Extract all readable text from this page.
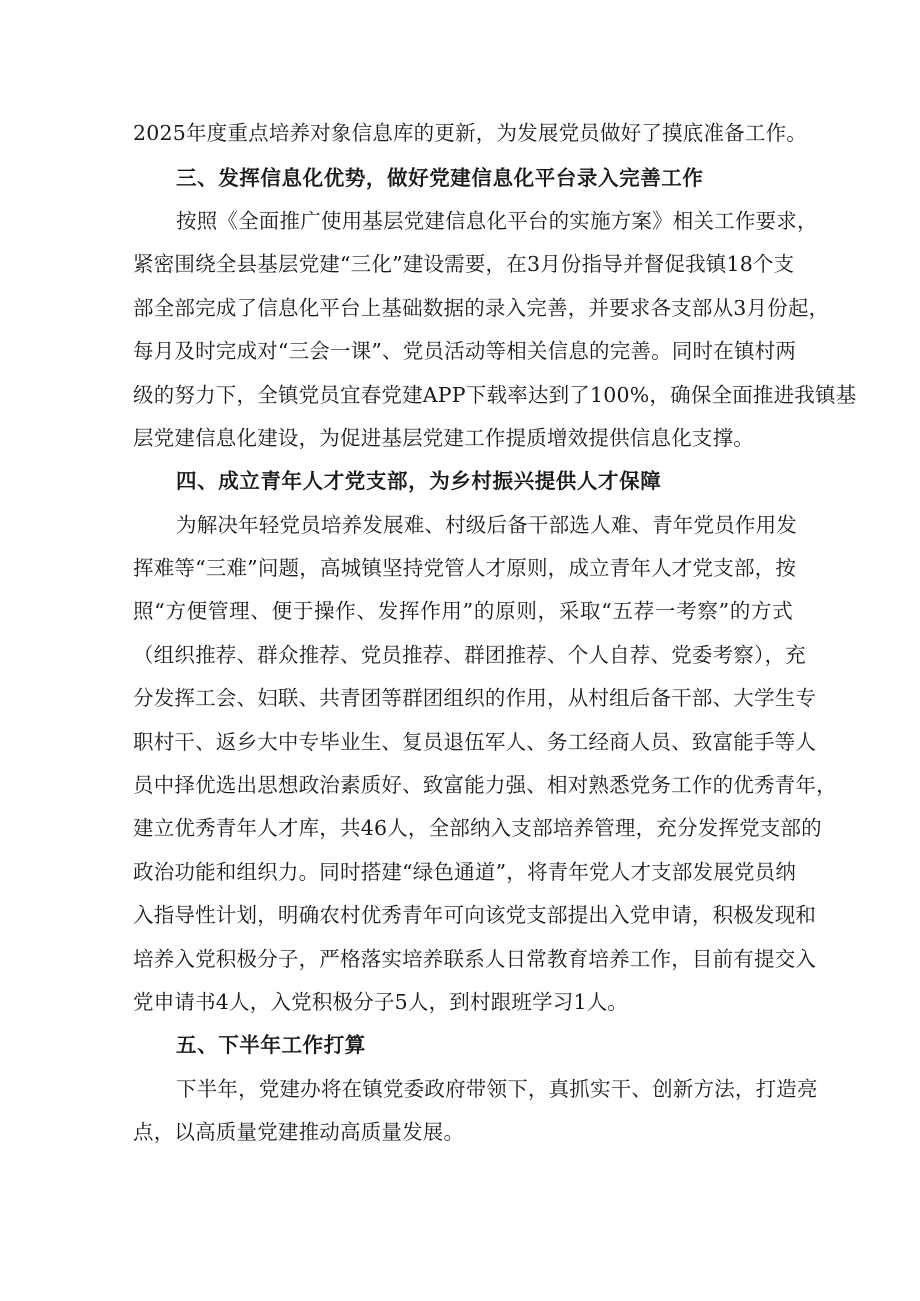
2025年度重点培养对象信息库的更新，为发展党员做好了摸底准备工作。
三、发挥信息化优势，做好党建信息化平台录入完善工作
按照《全面推广使用基层党建信息化平台的实施方案》相关工作要求，
紧密围绕全县基层党建“三化”建设需要，在3月份指导并督促我镇18个支
部全部完成了信息化平台上基础数据的录入完善，并要求各支部从3月份起，
每月及时完成对“三会一课”、党员活动等相关信息的完善。同时在镇村两
级的努力下，全镇党员宜春党建APP下载率达到了100%，确保全面推进我镇基
层党建信息化建设，为促进基层党建工作提质增效提供信息化支撑。
四、成立青年人才党支部，为乡村振兴提供人才保障
为解决年轻党员培养发展难、村级后备干部选人难、青年党员作用发
挥难等“三难”问题，高城镇坚持党管人才原则，成立青年人才党支部，按
照“方便管理、便于操作、发挥作用”的原则，采取“五荐一考察”的方式
（组织推荐、群众推荐、党员推荐、群团推荐、个人自荐、党委考察），充
分发挥工会、妇联、共青团等群团组织的作用，从村组后备干部、大学生专
职村干、返乡大中专毕业生、复员退伍军人、务工经商人员、致富能手等人
员中择优选出思想政治素质好、致富能力强、相对熟悉党务工作的优秀青年，
建立优秀青年人才库，共46人，全部纳入支部培养管理，充分发挥党支部的
政治功能和组织力。同时搭建“绿色通道”，将青年党人才支部发展党员纳
入指导性计划，明确农村优秀青年可向该党支部提出入党申请，积极发现和
培养入党积极分子，严格落实培养联系人日常教育培养工作，目前有提交入
党申请书4人，入党积极分子5人，到村跟班学习1人。
五、下半年工作打算
下半年，党建办将在镇党委政府带领下，真抓实干、创新方法，打造亮
点，以高质量党建推动高质量发展。
